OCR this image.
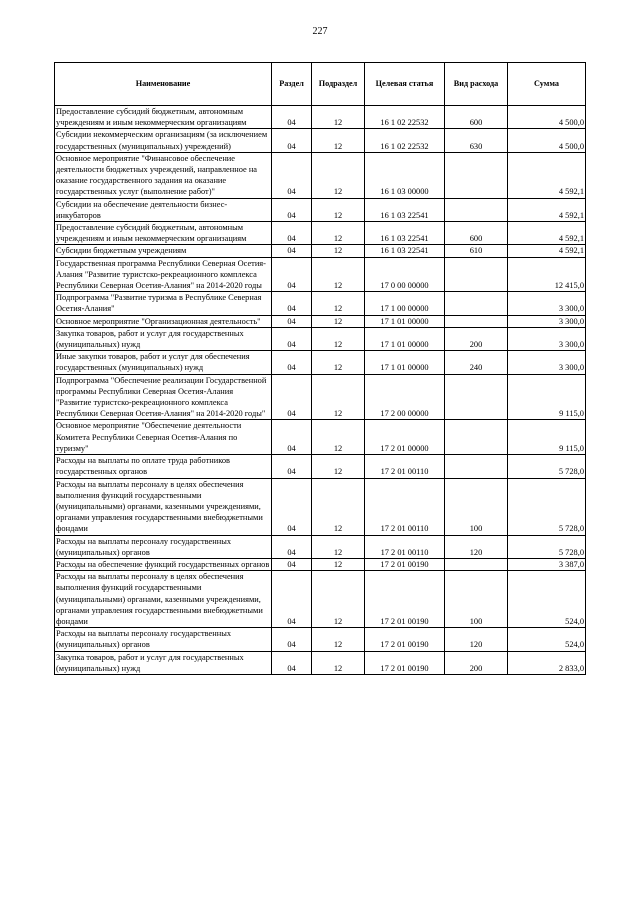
227
Наименование	Раздел	Подраздел	Целевая статья	Вид расхода	Сумма
Предоставление субсидий бюджетным, автономным учреждениям и иным некоммерческим организациям	04	12	16 1 02 22532	600	4 500,0
Субсидии некоммерческим организациям (за исключением государственных (муниципальных) учреждений)	04	12	16 1 02 22532	630	4 500,0
Основное мероприятие "Финансовое обеспечение деятельности бюджетных учреждений, направленное на оказание государственного задания на оказание государственных услуг (выполнение работ)"	04	12	16 1 03 00000		4 592,1
Субсидии на обеспечение деятельности бизнес-инкубаторов	04	12	16 1 03 22541		4 592,1
Предоставление субсидий бюджетным, автономным учреждениям и иным некоммерческим организациям	04	12	16 1 03 22541	600	4 592,1
Субсидии бюджетным учреждениям	04	12	16 1 03 22541	610	4 592,1
Государственная программа Республики Северная Осетия-Алания "Развитие туристско-рекреационного комплекса Республики Северная Осетия-Алания" на 2014-2020 годы	04	12	17 0 00 00000		12 415,0
Подпрограмма "Развитие туризма в Республике Северная Осетия-Алания"	04	12	17 1 00 00000		3 300,0
Основное мероприятие "Организационная деятельность"	04	12	17 1 01 00000		3 300,0
Закупка товаров, работ и услуг для государственных (муниципальных) нужд	04	12	17 1 01 00000	200	3 300,0
Иные закупки товаров, работ и услуг для обеспечения государственных (муниципальных) нужд	04	12	17 1 01 00000	240	3 300,0
Подпрограмма "Обеспечение реализации Государственной программы Республики Северная Осетия-Алания "Развитие туристско-рекреационного комплекса Республики Северная Осетия-Алания" на 2014-2020 годы"	04	12	17 2 00 00000		9 115,0
Основное мероприятие "Обеспечение деятельности Комитета Республики Северная Осетия-Алания по туризму"	04	12	17 2 01 00000		9 115,0
Расходы на выплаты по оплате труда работников государственных органов	04	12	17 2 01 00110		5 728,0
Расходы на выплаты персоналу в целях обеспечения выполнения функций государственными (муниципальными) органами, казенными учреждениями, органами управления государственными внебюджетными фондами	04	12	17 2 01 00110	100	5 728,0
Расходы на выплаты персоналу государственных (муниципальных) органов	04	12	17 2 01 00110	120	5 728,0
Расходы на обеспечение функций государственных органов	04	12	17 2 01 00190		3 387,0
Расходы на выплаты персоналу в целях обеспечения выполнения функций государственными (муниципальными) органами, казенными учреждениями, органами управления государственными внебюджетными фондами	04	12	17 2 01 00190	100	524,0
Расходы на выплаты персоналу государственных (муниципальных) органов	04	12	17 2 01 00190	120	524,0
Закупка товаров, работ и услуг для государственных (муниципальных) нужд	04	12	17 2 01 00190	200	2 833,0
